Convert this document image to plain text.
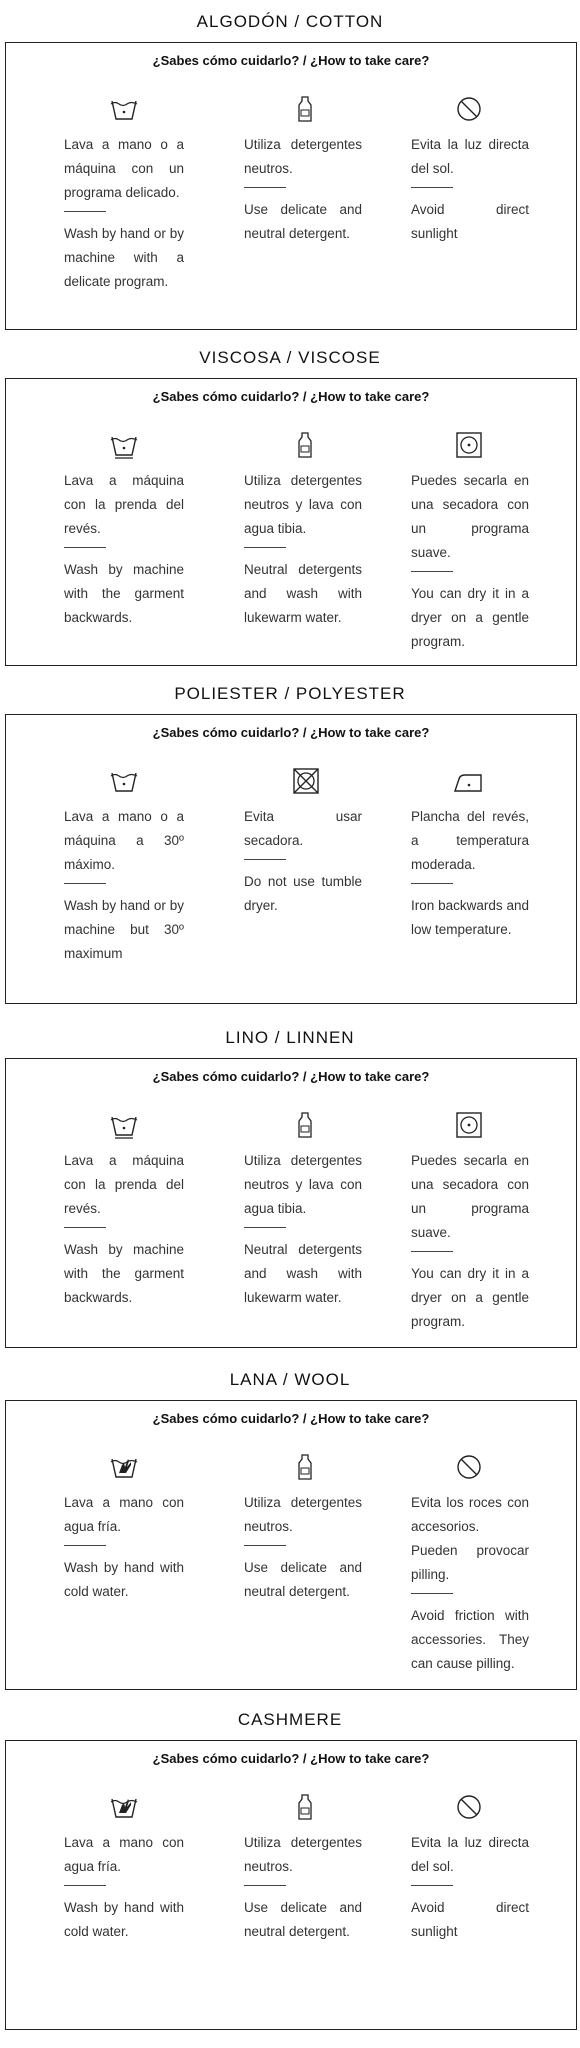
ALGODÓN / COTTON
¿Sabes cómo cuidarlo? / ¿How to take care?
Lava a mano o a máquina con un programa delicado.
Wash by hand or by machine with a delicate program.
Utiliza detergentes neutros.
Use delicate and neutral detergent.
Evita la luz directa del sol.
Avoid direct sunlight
VISCOSA / VISCOSE
¿Sabes cómo cuidarlo? / ¿How to take care?
Lava a máquina con la prenda del revés.
Wash by machine with the garment backwards.
Utiliza detergentes neutros y lava con agua tibia.
Neutral detergents and wash with lukewarm water.
Puedes secarla en una secadora con un programa suave.
You can dry it in a dryer on a gentle program.
POLIESTER / POLYESTER
¿Sabes cómo cuidarlo? / ¿How to take care?
Lava a mano o a máquina a 30º máximo.
Wash by hand or by machine but 30º maximum
Evita usar secadora.
Do not use tumble dryer.
Plancha del revés, a temperatura moderada.
Iron backwards and low temperature.
LINO / LINNEN
¿Sabes cómo cuidarlo? / ¿How to take care?
Lava a máquina con la prenda del revés.
Wash by machine with the garment backwards.
Utiliza detergentes neutros y lava con agua tibia.
Neutral detergents and wash with lukewarm water.
Puedes secarla en una secadora con un programa suave.
You can dry it in a dryer on a gentle program.
LANA / WOOL
¿Sabes cómo cuidarlo? / ¿How to take care?
Lava a mano con agua fría.
Wash by hand with cold water.
Utiliza detergentes neutros.
Use delicate and neutral detergent.
Evita los roces con accesorios. Pueden provocar pilling.
Avoid friction with accessories. They can cause pilling.
CASHMERE
¿Sabes cómo cuidarlo? / ¿How to take care?
Lava a mano con agua fría.
Wash by hand with cold water.
Utiliza detergentes neutros.
Use delicate and neutral detergent.
Evita la luz directa del sol.
Avoid direct sunlight
